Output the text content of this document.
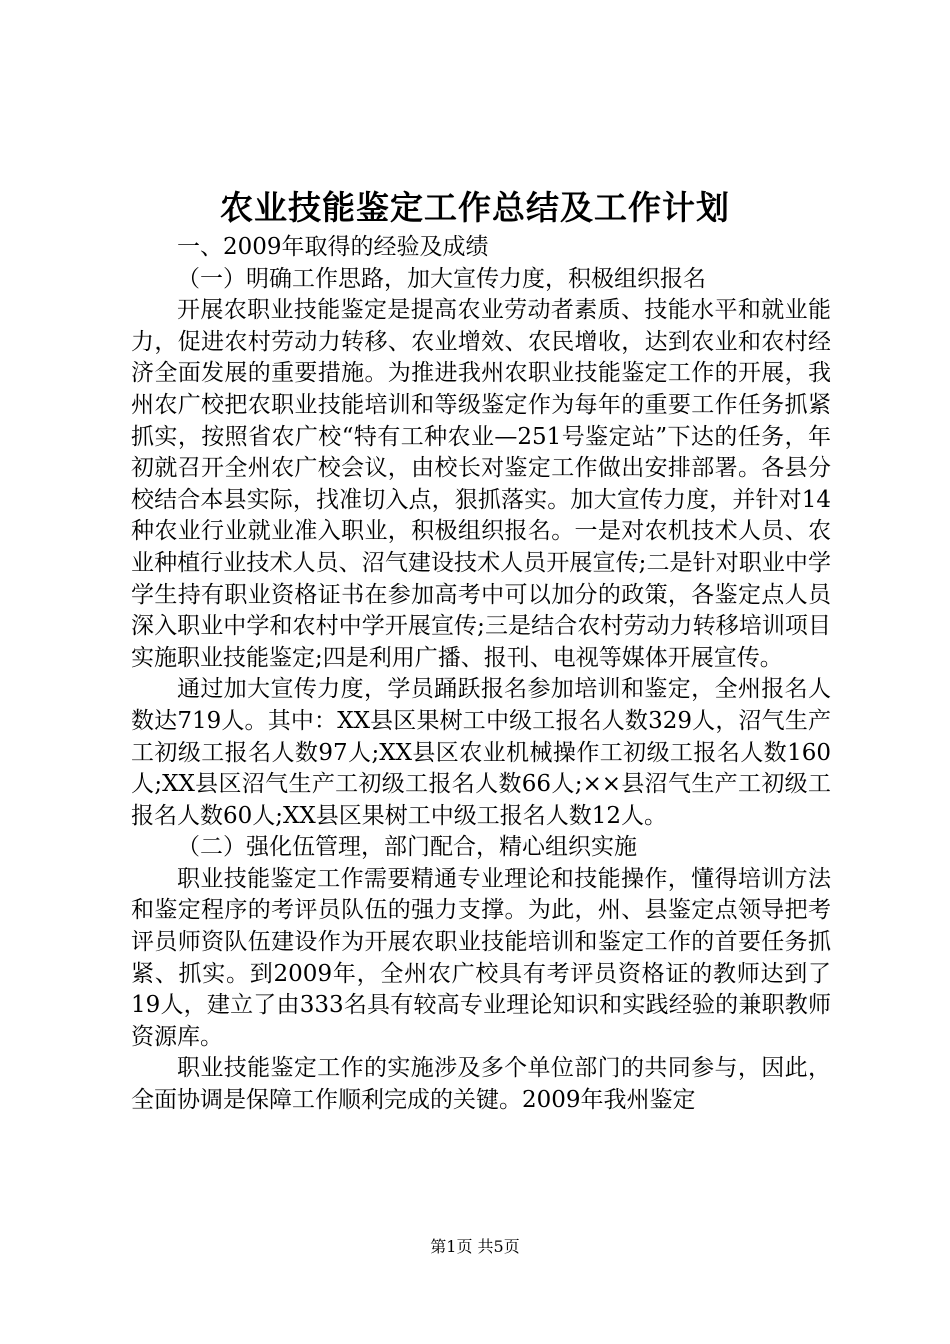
农业技能鉴定工作总结及工作计划

一、2009年取得的经验及成绩

（一）明确工作思路，加大宣传力度，积极组织报名

开展农职业技能鉴定是提高农业劳动者素质、技能水平和就业能力，促进农村劳动力转移、农业增效、农民增收，达到农业和农村经济全面发展的重要措施。为推进我州农职业技能鉴定工作的开展，我州农广校把农职业技能培训和等级鉴定作为每年的重要工作任务抓紧抓实，按照省农广校“特有工种农业—251号鉴定站”下达的任务，年初就召开全州农广校会议，由校长对鉴定工作做出安排部署。各县分校结合本县实际，找准切入点，狠抓落实。加大宣传力度，并针对14种农业行业就业准入职业，积极组织报名。一是对农机技术人员、农业种植行业技术人员、沼气建设技术人员开展宣传;二是针对职业中学学生持有职业资格证书在参加高考中可以加分的政策，各鉴定点人员深入职业中学和农村中学开展宣传;三是结合农村劳动力转移培训项目实施职业技能鉴定;四是利用广播、报刊、电视等媒体开展宣传。

通过加大宣传力度，学员踊跃报名参加培训和鉴定，全州报名人数达719人。其中：XX县区果树工中级工报名人数329人，沼气生产工初级工报名人数97人;XX县区农业机械操作工初级工报名人数160人;XX县区沼气生产工初级工报名人数66人;××县沼气生产工初级工报名人数60人;XX县区果树工中级工报名人数12人。

（二）强化伍管理，部门配合，精心组织实施

职业技能鉴定工作需要精通专业理论和技能操作，懂得培训方法和鉴定程序的考评员队伍的强力支撑。为此，州、县鉴定点领导把考评员师资队伍建设作为开展农职业技能培训和鉴定工作的首要任务抓紧、抓实。到2009年，全州农广校具有考评员资格证的教师达到了19人，建立了由333名具有较高专业理论知识和实践经验的兼职教师资源库。

职业技能鉴定工作的实施涉及多个单位部门的共同参与，因此，全面协调是保障工作顺利完成的关键。2009年我州鉴定

第1页 共5页
